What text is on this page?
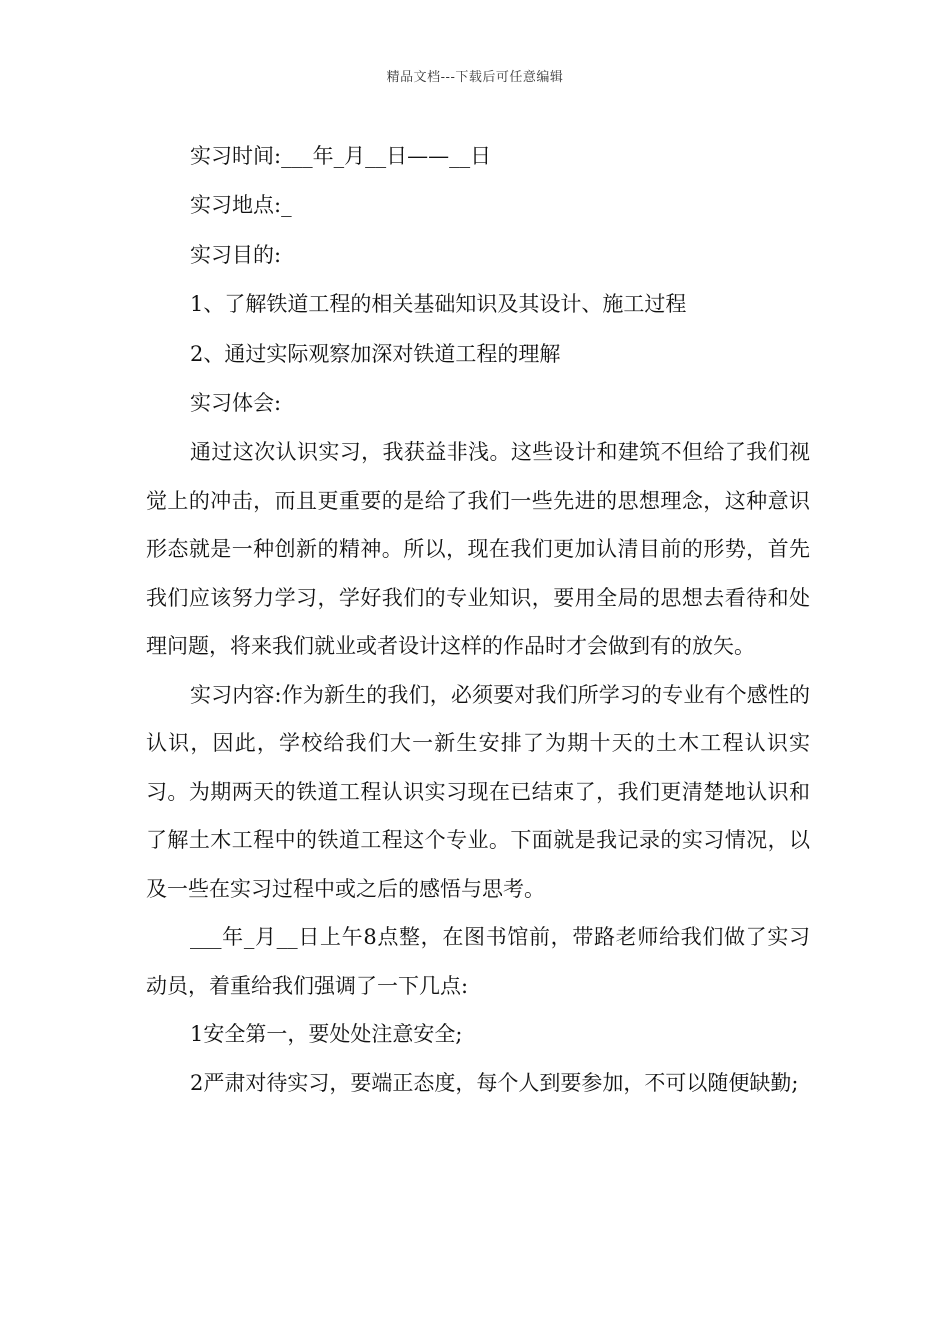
精品文档---下载后可任意编辑

实习时间:___年_月__日——__日

实习地点:_

实习目的:

1、了解铁道工程的相关基础知识及其设计、施工过程

2、通过实际观察加深对铁道工程的理解

实习体会:

通过这次认识实习，我获益非浅。这些设计和建筑不但给了我们视觉上的冲击，而且更重要的是给了我们一些先进的思想理念，这种意识形态就是一种创新的精神。所以，现在我们更加认清目前的形势，首先我们应该努力学习，学好我们的专业知识，要用全局的思想去看待和处理问题，将来我们就业或者设计这样的作品时才会做到有的放矢。

实习内容:作为新生的我们，必须要对我们所学习的专业有个感性的认识，因此，学校给我们大一新生安排了为期十天的土木工程认识实习。为期两天的铁道工程认识实习现在已结束了，我们更清楚地认识和了解土木工程中的铁道工程这个专业。下面就是我记录的实习情况，以及一些在实习过程中或之后的感悟与思考。

___年_月__日上午8点整，在图书馆前，带路老师给我们做了实习动员，着重给我们强调了一下几点:

1安全第一，要处处注意安全;

2严肃对待实习，要端正态度，每个人到要参加，不可以随便缺勤;
